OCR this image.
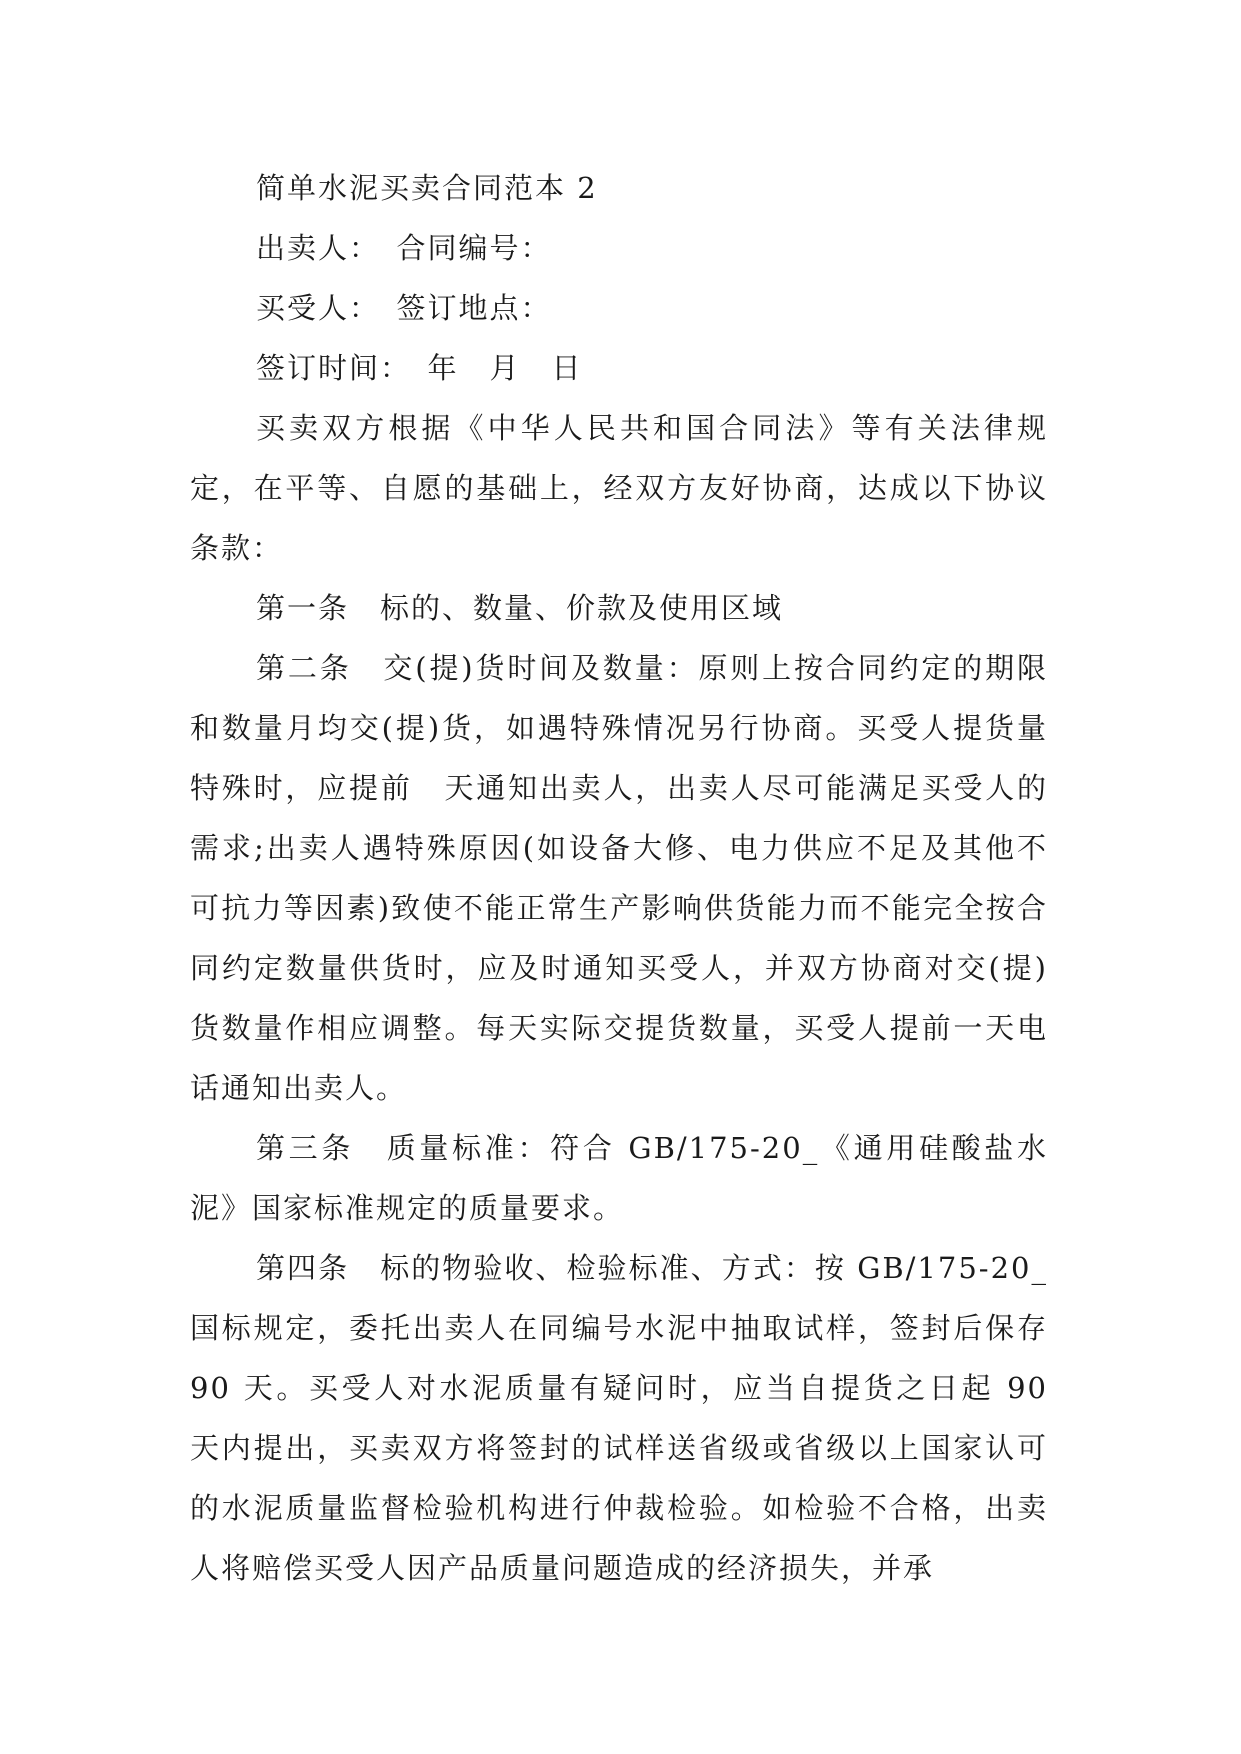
简单水泥买卖合同范本 2

出卖人：　合同编号：

买受人：　签订地点：

签订时间：　年　月　日

买卖双方根据《中华人民共和国合同法》等有关法律规定，在平等、自愿的基础上，经双方友好协商，达成以下协议条款：

第一条　标的、数量、价款及使用区域

第二条　交(提)货时间及数量：原则上按合同约定的期限和数量月均交(提)货，如遇特殊情况另行协商。买受人提货量特殊时，应提前　天通知出卖人，出卖人尽可能满足买受人的需求;出卖人遇特殊原因(如设备大修、电力供应不足及其他不可抗力等因素)致使不能正常生产影响供货能力而不能完全按合同约定数量供货时，应及时通知买受人，并双方协商对交(提)货数量作相应调整。每天实际交提货数量，买受人提前一天电话通知出卖人。

第三条　质量标准：符合 GB/175-20_《通用硅酸盐水泥》国家标准规定的质量要求。

第四条　标的物验收、检验标准、方式：按 GB/175-20_国标规定，委托出卖人在同编号水泥中抽取试样，签封后保存 90 天。买受人对水泥质量有疑问时，应当自提货之日起 90 天内提出，买卖双方将签封的试样送省级或省级以上国家认可的水泥质量监督检验机构进行仲裁检验。如检验不合格，出卖人将赔偿买受人因产品质量问题造成的经济损失，并承
